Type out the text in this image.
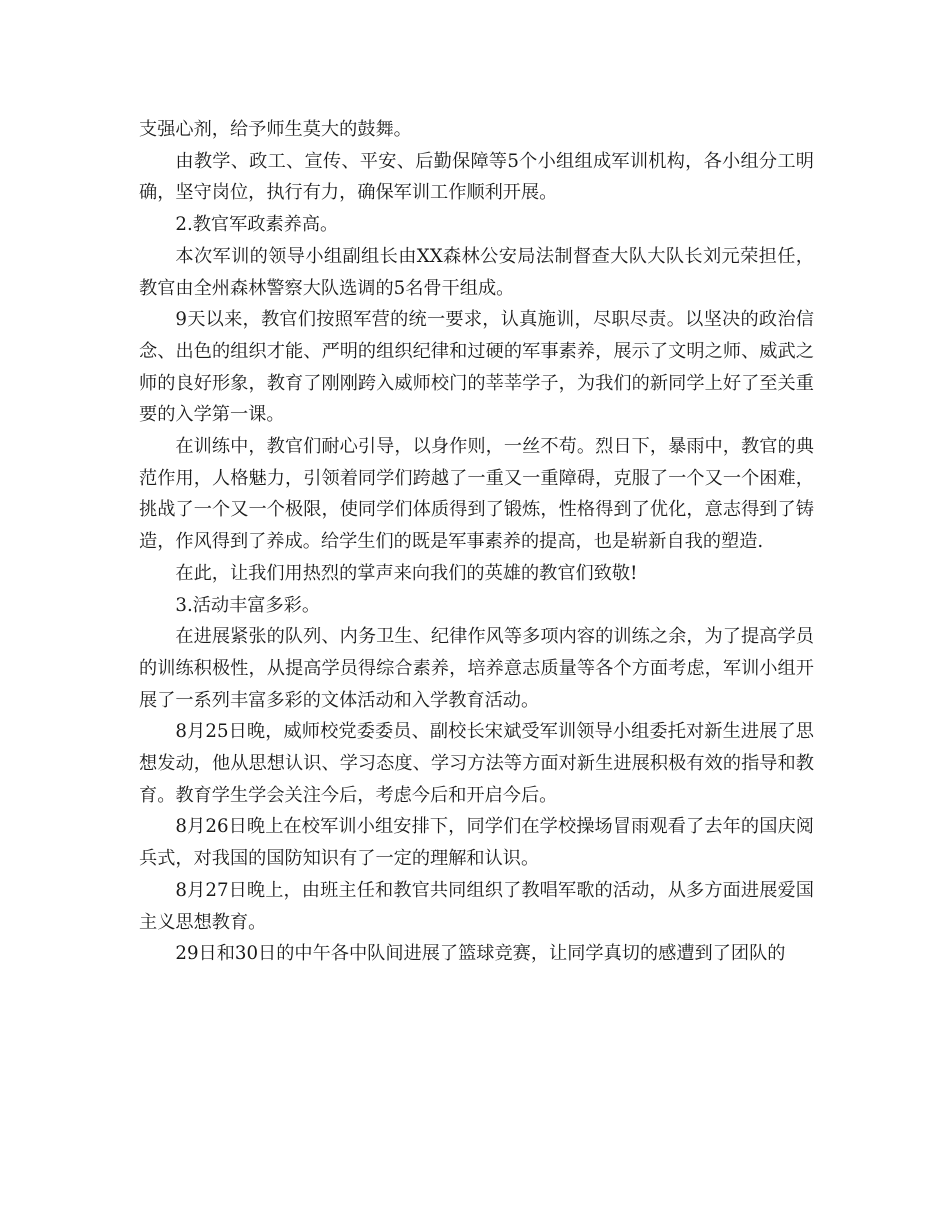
支强心剂，给予师生莫大的鼓舞。

由教学、政工、宣传、平安、后勤保障等5个小组组成军训机构，各小组分工明确，坚守岗位，执行有力，确保军训工作顺利开展。

2.教官军政素养高。

本次军训的领导小组副组长由XX森林公安局法制督查大队大队长刘元荣担任，教官由全州森林警察大队选调的5名骨干组成。

9天以来，教官们按照军营的统一要求，认真施训，尽职尽责。以坚决的政治信念、出色的组织才能、严明的组织纪律和过硬的军事素养，展示了文明之师、威武之师的良好形象，教育了刚刚跨入威师校门的莘莘学子，为我们的新同学上好了至关重要的入学第一课。

在训练中，教官们耐心引导，以身作则，一丝不苟。烈日下，暴雨中，教官的典范作用，人格魅力，引领着同学们跨越了一重又一重障碍，克服了一个又一个困难，挑战了一个又一个极限，使同学们体质得到了锻炼，性格得到了优化，意志得到了铸造，作风得到了养成。给学生们的既是军事素养的提高，也是崭新自我的塑造.

在此，让我们用热烈的掌声来向我们的英雄的教官们致敬!

3.活动丰富多彩。

在进展紧张的队列、内务卫生、纪律作风等多项内容的训练之余，为了提高学员的训练积极性，从提高学员得综合素养，培养意志质量等各个方面考虑，军训小组开展了一系列丰富多彩的文体活动和入学教育活动。

8月25日晚，威师校党委委员、副校长宋斌受军训领导小组委托对新生进展了思想发动，他从思想认识、学习态度、学习方法等方面对新生进展积极有效的指导和教育。教育学生学会关注今后，考虑今后和开启今后。

8月26日晚上在校军训小组安排下，同学们在学校操场冒雨观看了去年的国庆阅兵式，对我国的国防知识有了一定的理解和认识。

8月27日晚上，由班主任和教官共同组织了教唱军歌的活动，从多方面进展爱国主义思想教育。

29日和30日的中午各中队间进展了篮球竞赛，让同学真切的感遭到了团队的
